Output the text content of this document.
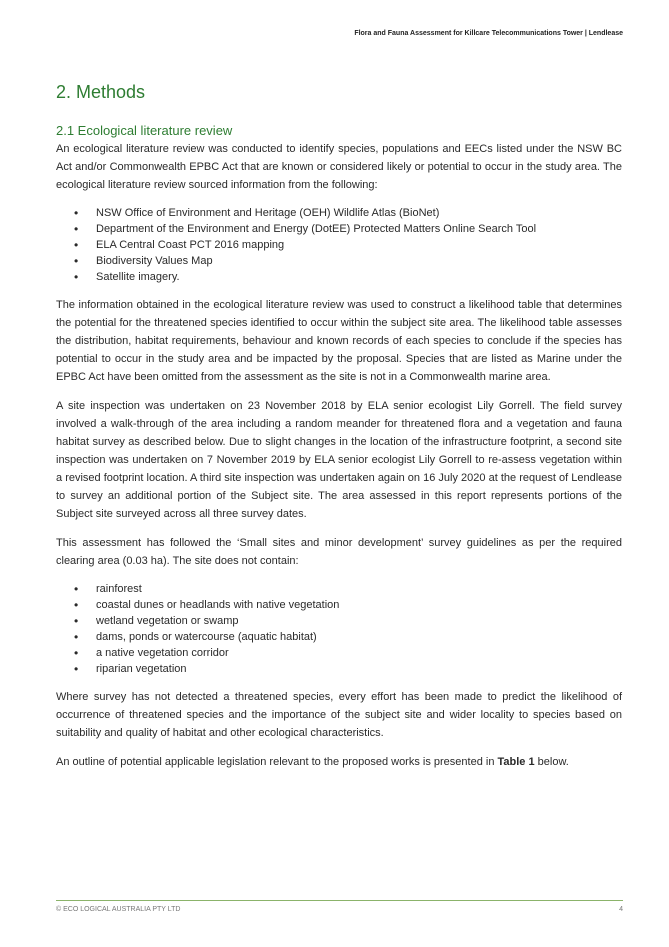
Flora and Fauna Assessment for Killcare Telecommunications Tower | Lendlease
2. Methods
2.1 Ecological literature review

An ecological literature review was conducted to identify species, populations and EECs listed under the NSW BC Act and/or Commonwealth EPBC Act that are known or considered likely or potential to occur in the study area. The ecological literature review sourced information from the following:

• NSW Office of Environment and Heritage (OEH) Wildlife Atlas (BioNet)
• Department of the Environment and Energy (DotEE) Protected Matters Online Search Tool
• ELA Central Coast PCT 2016 mapping
• Biodiversity Values Map
• Satellite imagery.

The information obtained in the ecological literature review was used to construct a likelihood table that determines the potential for the threatened species identified to occur within the subject site area. The likelihood table assesses the distribution, habitat requirements, behaviour and known records of each species to conclude if the species has potential to occur in the study area and be impacted by the proposal. Species that are listed as Marine under the EPBC Act have been omitted from the assessment as the site is not in a Commonwealth marine area.

A site inspection was undertaken on 23 November 2018 by ELA senior ecologist Lily Gorrell. The field survey involved a walk-through of the area including a random meander for threatened flora and a vegetation and fauna habitat survey as described below. Due to slight changes in the location of the infrastructure footprint, a second site inspection was undertaken on 7 November 2019 by ELA senior ecologist Lily Gorrell to re-assess vegetation within a revised footprint location. A third site inspection was undertaken again on 16 July 2020 at the request of Lendlease to survey an additional portion of the Subject site. The area assessed in this report represents portions of the Subject site surveyed across all three survey dates.

This assessment has followed the ‘Small sites and minor development’ survey guidelines as per the required clearing area (0.03 ha). The site does not contain:

• rainforest
• coastal dunes or headlands with native vegetation
• wetland vegetation or swamp
• dams, ponds or watercourse (aquatic habitat)
• a native vegetation corridor
• riparian vegetation

Where survey has not detected a threatened species, every effort has been made to predict the likelihood of occurrence of threatened species and the importance of the subject site and wider locality to species based on suitability and quality of habitat and other ecological characteristics.

An outline of potential applicable legislation relevant to the proposed works is presented in Table 1 below.

© ECO LOGICAL AUSTRALIA PTY LTD	4
